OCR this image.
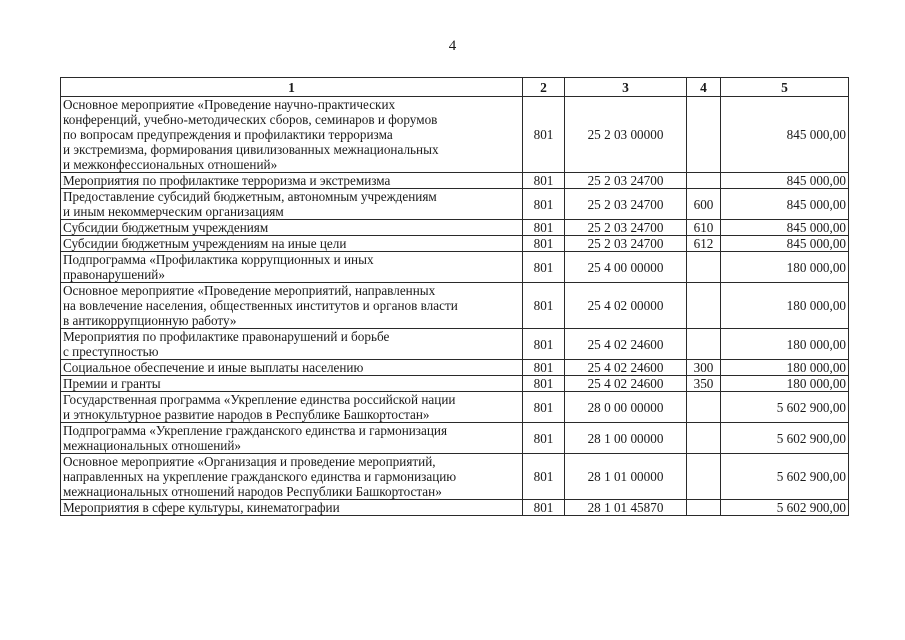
4
1	2	3	4	5
Основное мероприятие «Проведение научно-практических
конференций, учебно-методических сборов, семинаров и форумов
по вопросам предупреждения и профилактики терроризма
и экстремизма, формирования цивилизованных межнациональных
и межконфессиональных отношений»	801	25 2 03 00000		845 000,00
Мероприятия по профилактике терроризма и экстремизма	801	25 2 03 24700		845 000,00
Предоставление субсидий бюджетным, автономным учреждениям
и иным некоммерческим организациям	801	25 2 03 24700	600	845 000,00
Субсидии бюджетным учреждениям	801	25 2 03 24700	610	845 000,00
Субсидии бюджетным учреждениям на иные цели	801	25 2 03 24700	612	845 000,00
Подпрограмма «Профилактика коррупционных и иных
правонарушений»	801	25 4 00 00000		180 000,00
Основное мероприятие «Проведение мероприятий, направленных
на вовлечение населения, общественных институтов и органов власти
в антикоррупционную работу»	801	25 4 02 00000		180 000,00
Мероприятия по профилактике правонарушений и борьбе
с преступностью	801	25 4 02 24600		180 000,00
Социальное обеспечение и иные выплаты населению	801	25 4 02 24600	300	180 000,00
Премии и гранты	801	25 4 02 24600	350	180 000,00
Государственная программа «Укрепление единства российской нации
и этнокультурное развитие народов в Республике Башкортостан»	801	28 0 00 00000		5 602 900,00
Подпрограмма «Укрепление гражданского единства и гармонизация
межнациональных отношений»	801	28 1 00 00000		5 602 900,00
Основное мероприятие «Организация и проведение мероприятий,
направленных на укрепление гражданского единства и гармонизацию
межнациональных отношений народов Республики Башкортостан»	801	28 1 01 00000		5 602 900,00
Мероприятия в сфере культуры, кинематографии	801	28 1 01 45870		5 602 900,00
